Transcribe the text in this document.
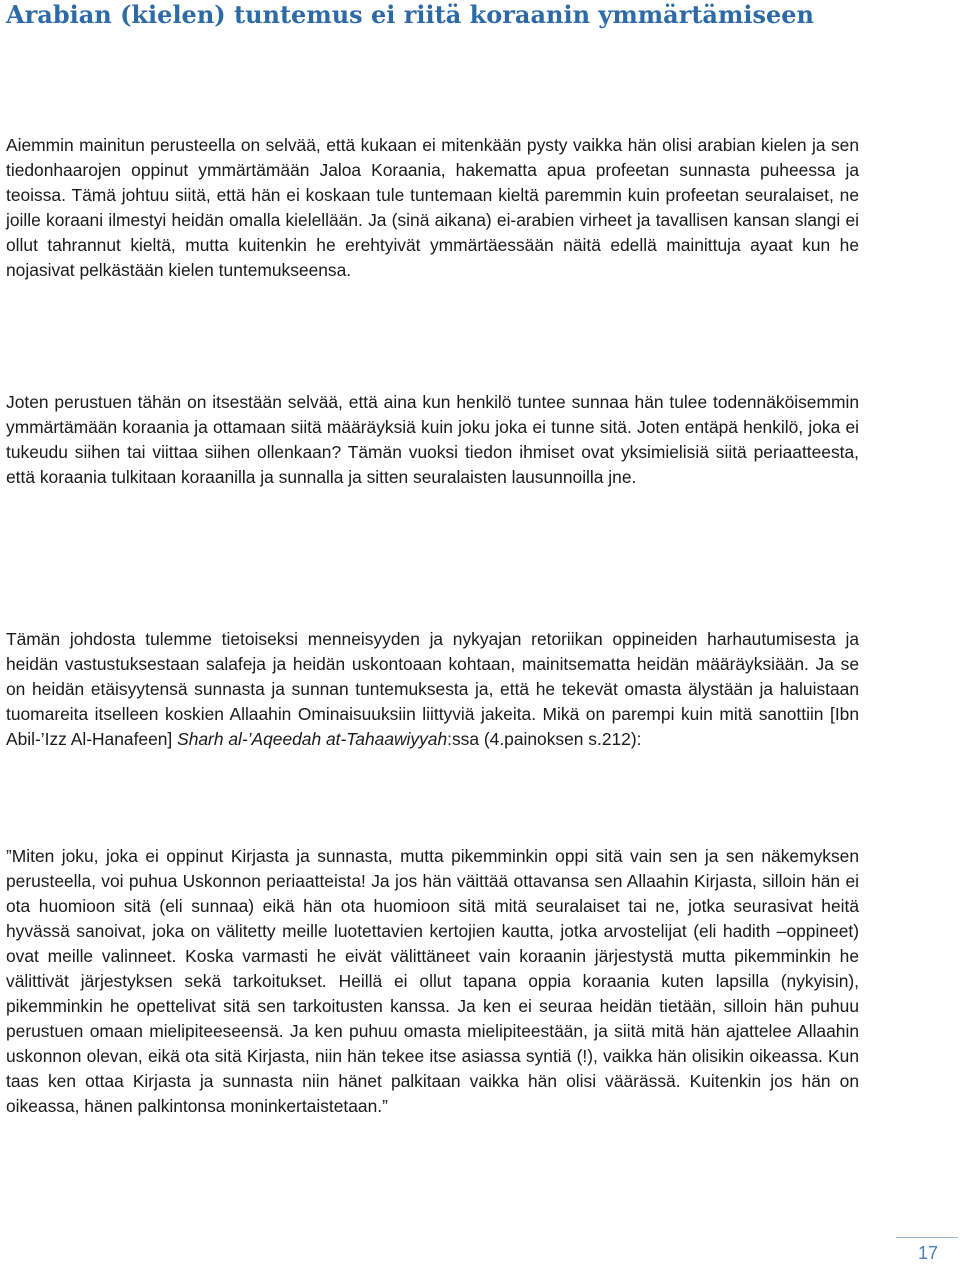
Arabian (kielen) tuntemus ei riitä koraanin ymmärtämiseen

Aiemmin mainitun perusteella on selvää, että kukaan ei mitenkään pysty vaikka hän olisi arabian kielen ja sen tiedonhaarojen oppinut ymmärtämään Jaloa Koraania, hakematta apua profeetan sunnasta puheessa ja teoissa. Tämä johtuu siitä, että hän ei koskaan tule tuntemaan kieltä paremmin kuin profeetan seuralaiset, ne joille koraani ilmestyi heidän omalla kielellään. Ja (sinä aikana) ei-arabien virheet ja tavallisen kansan slangi ei ollut tahrannut kieltä, mutta kuitenkin he erehtyivät ymmärtäessään näitä edellä mainittuja ayaat kun he nojasivat pelkästään kielen tuntemukseensa.

Joten perustuen tähän on itsestään selvää, että aina kun henkilö tuntee sunnaa hän tulee todennäköisemmin ymmärtämään koraania ja ottamaan siitä määräyksiä kuin joku joka ei tunne sitä. Joten entäpä henkilö, joka ei tukeudu siihen tai viittaa siihen ollenkaan? Tämän vuoksi tiedon ihmiset ovat yksimielisiä siitä periaatteesta, että koraania tulkitaan koraanilla ja sunnalla ja sitten seuralaisten lausunnoilla jne.

Tämän johdosta tulemme tietoiseksi menneisyyden ja nykyajan retoriikan oppineiden harhautumisesta ja heidän vastustuksestaan salafeja ja heidän uskontoaan kohtaan, mainitsematta heidän määräyksiään. Ja se on heidän etäisyytensä sunnasta ja sunnan tuntemuksesta ja, että he tekevät omasta älystään ja haluistaan tuomareita itselleen koskien Allaahin Ominaisuuksiin liittyviä jakeita. Mikä on parempi kuin mitä sanottiin [Ibn Abil-’Izz Al-Hanafeen] Sharh al-’Aqeedah at-Tahaawiyyah:ssa (4.painoksen s.212):

”Miten joku, joka ei oppinut Kirjasta ja sunnasta, mutta pikemminkin oppi sitä vain sen ja sen näkemyksen perusteella, voi puhua Uskonnon periaatteista! Ja jos hän väittää ottavansa sen Allaahin Kirjasta, silloin hän ei ota huomioon sitä (eli sunnaa) eikä hän ota huomioon sitä mitä seuralaiset tai ne, jotka seurasivat heitä hyvässä sanoivat, joka on välitetty meille luotettavien kertojien kautta, jotka arvostelijat (eli hadith –oppineet) ovat meille valinneet. Koska varmasti he eivät välittäneet vain koraanin järjestystä mutta pikemminkin he välittivät järjestyksen sekä tarkoitukset. Heillä ei ollut tapana oppia koraania kuten lapsilla (nykyisin), pikemminkin he opettelivat sitä sen tarkoitusten kanssa. Ja ken ei seuraa heidän tietään, silloin hän puhuu perustuen omaan mielipiteeseensä. Ja ken puhuu omasta mielipiteestään, ja siitä mitä hän ajattelee Allaahin uskonnon olevan, eikä ota sitä Kirjasta, niin hän tekee itse asiassa syntiä (!), vaikka hän olisikin oikeassa. Kun taas ken ottaa Kirjasta ja sunnasta niin hänet palkitaan vaikka hän olisi väärässä. Kuitenkin jos hän on oikeassa, hänen palkintonsa moninkertaistetaan.”

17
